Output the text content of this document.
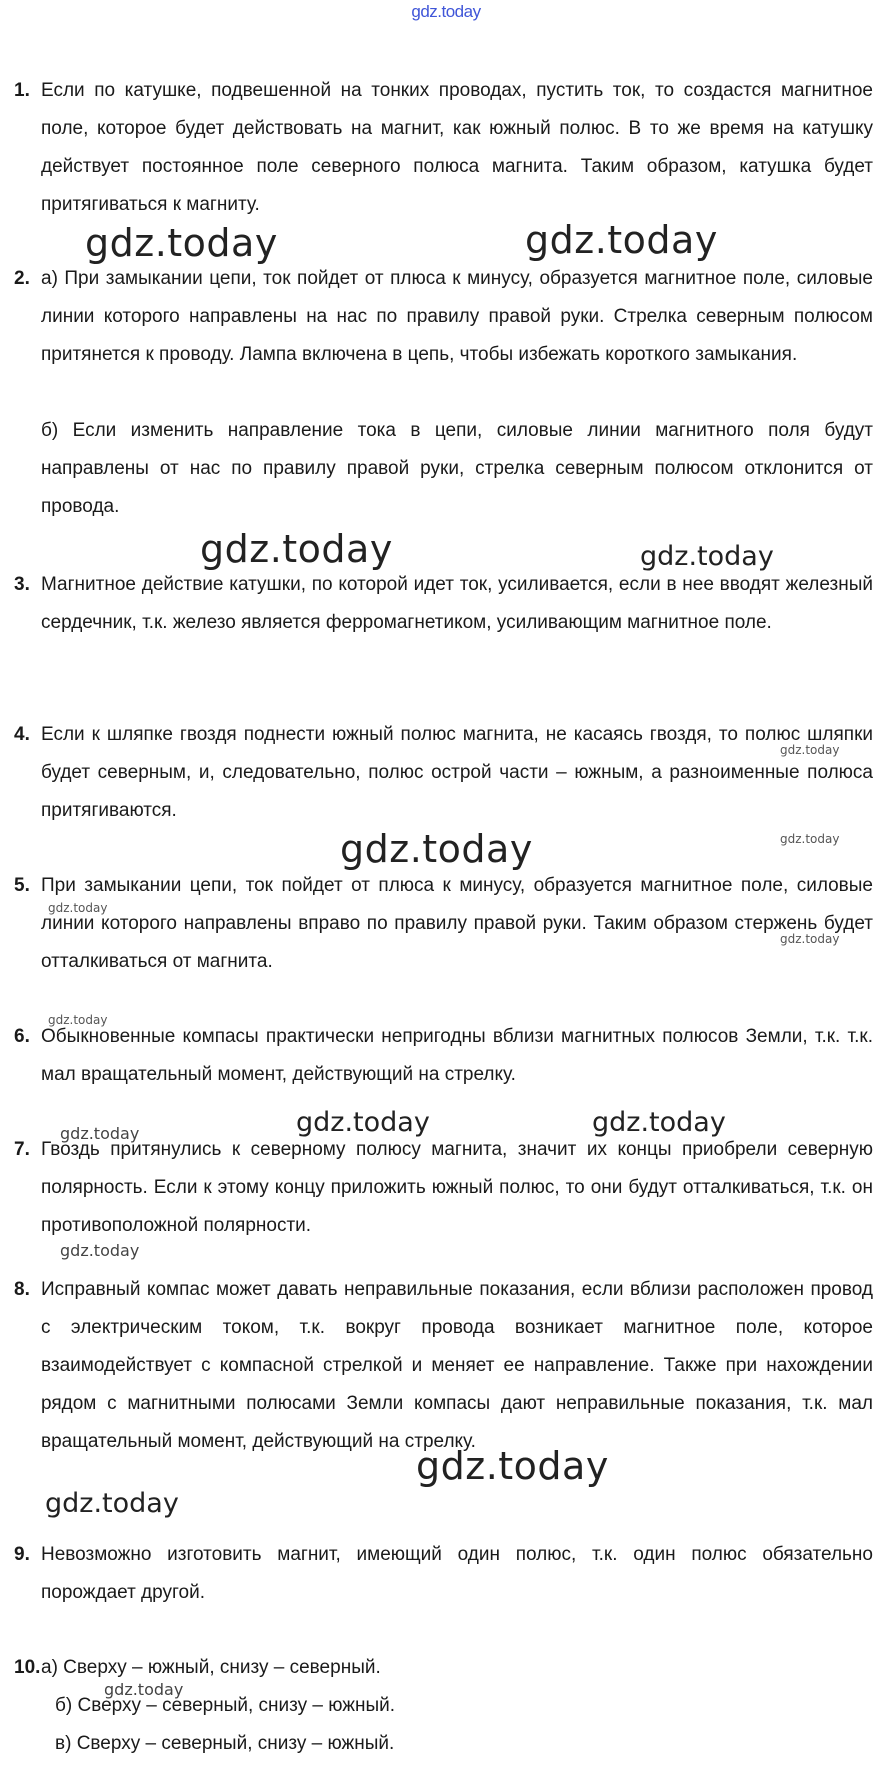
gdz.today
1. Если по катушке, подвешенной на тонких проводах, пустить ток, то создастся магнитное поле, которое будет действовать на магнит, как южный полюс. В то же время на катушку действует постоянное поле северного полюса магнита. Таким образом, катушка будет притягиваться к магниту.

2. а) При замыкании цепи, ток пойдет от плюса к минусу, образуется магнитное поле, силовые линии которого направлены на нас по правилу правой руки. Стрелка северным полюсом притянется к проводу. Лампа включена в цепь, чтобы избежать короткого замыкания.

б) Если изменить направление тока в цепи, силовые линии магнитного поля будут направлены от нас по правилу правой руки, стрелка северным полюсом отклонится от провода.

3. Магнитное действие катушки, по которой идет ток, усиливается, если в нее вводят железный сердечник, т.к. железо является ферромагнетиком, усиливающим магнитное поле.

4. Если к шляпке гвоздя поднести южный полюс магнита, не касаясь гвоздя, то полюс шляпки будет северным, и, следовательно, полюс острой части – южным, а разноименные полюса притягиваются.

5. При замыкании цепи, ток пойдет от плюса к минусу, образуется магнитное поле, силовые линии которого направлены вправо по правилу правой руки. Таким образом стержень будет отталкиваться от магнита.

6. Обыкновенные компасы практически непригодны вблизи магнитных полюсов Земли, т.к. т.к. мал вращательный момент, действующий на стрелку.

7. Гвоздь притянулись к северному полюсу магнита, значит их концы приобрели северную полярность. Если к этому концу приложить южный полюс, то они будут отталкиваться, т.к. он противоположной полярности.

8. Исправный компас может давать неправильные показания, если вблизи расположен провод с электрическим током, т.к. вокруг провода возникает магнитное поле, которое взаимодействует с компасной стрелкой и меняет ее направление. Также при нахождении рядом с магнитными полюсами Земли компасы дают неправильные показания, т.к. мал вращательный момент, действующий на стрелку.

9. Невозможно изготовить магнит, имеющий один полюс, т.к. один полюс обязательно порождает другой.

10. а) Сверху – южный, снизу – северный.
б) Сверху – северный, снизу – южный.
в) Сверху – северный, снизу – южный.
gdz.today	gdz.today
gdz.today	gdz.today
gdz.today
gdz.today	gdz.today
gdz.today
gdz.today
gdz.today
gdz.today	gdz.today	gdz.today
gdz.today
gdz.today
gdz.today
gdz.today
